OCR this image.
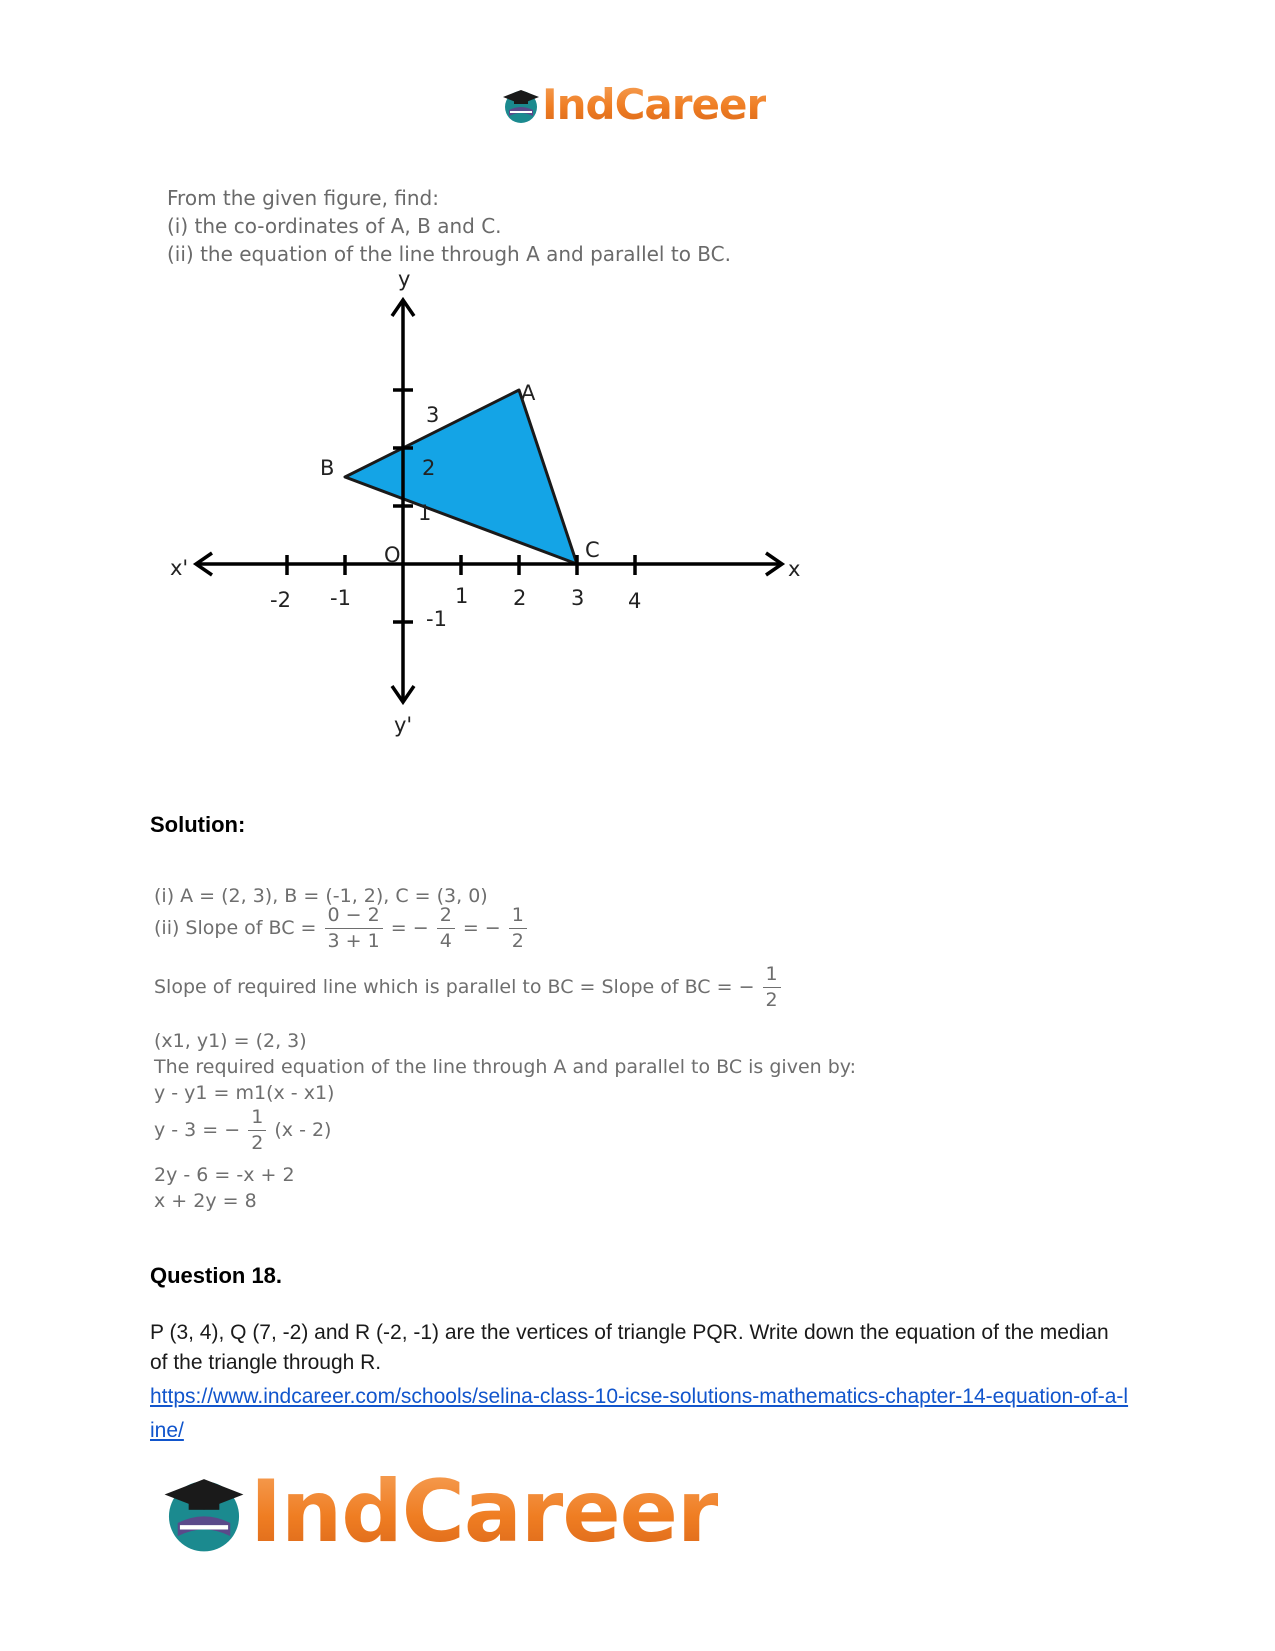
IndCareer
From the given figure, find:
(i) the co-ordinates of A, B and C.
(ii) the equation of the line through A and parallel to BC.
-2 -1	1 2 3 4
3
2
1
-1
O
x
x'
y
y'
A
B
C
Solution:
(i) A = (2, 3), B = (-1, 2), C = (3, 0)
(ii) Slope of BC = $\frac{0 - 2}{3 + 1}$ = − $\frac{2}{4}$ = − $\frac{1}{2}$
Slope of required line which is parallel to BC = Slope of BC = − $\frac{1}{2}$
(x1, y1) = (2, 3)
The required equation of the line through A and parallel to BC is given by:
y - y1 = m1(x - x1)
y - 3 = − $\frac{1}{2} (x - 2)$
2y - 6 = -x + 2
x + 2y = 8
Question 18.
P (3, 4), Q (7, -2) and R (-2, -1) are the vertices of triangle PQR. Write down the equation of the median of the triangle through R.
https://www.indcareer.com/schools/selina-class-10-icse-solutions-mathematics-chapter-14-equation-of-a-line/
IndCareer
